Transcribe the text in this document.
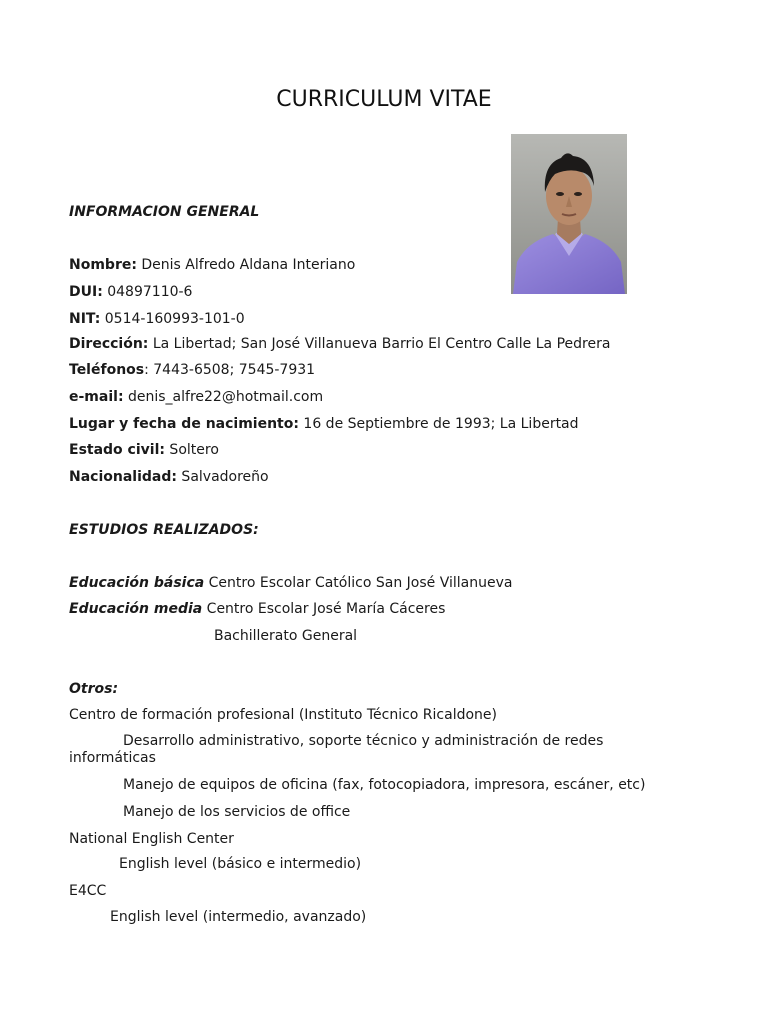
CURRICULUM VITAE
INFORMACION GENERAL
Nombre: Denis Alfredo Aldana Interiano
DUI: 04897110-6
NIT: 0514-160993-101-0
Dirección: La Libertad; San José Villanueva Barrio El Centro Calle La Pedrera
Teléfonos: 7443-6508; 7545-7931
e-mail: denis_alfre22@hotmail.com
Lugar y fecha de nacimiento: 16 de Septiembre de 1993; La Libertad
Estado civil: Soltero
Nacionalidad: Salvadoreño
ESTUDIOS REALIZADOS:
Educación básica Centro Escolar Católico San José Villanueva
Educación media Centro Escolar José María Cáceres
Bachillerato General
Otros:
Centro de formación profesional (Instituto Técnico Ricaldone)
Desarrollo administrativo, soporte técnico y administración de redes informáticas
Manejo de equipos de oficina (fax, fotocopiadora, impresora, escáner, etc)
Manejo de los servicios de office
National English Center
English level (básico e intermedio)
E4CC
English level (intermedio, avanzado)
